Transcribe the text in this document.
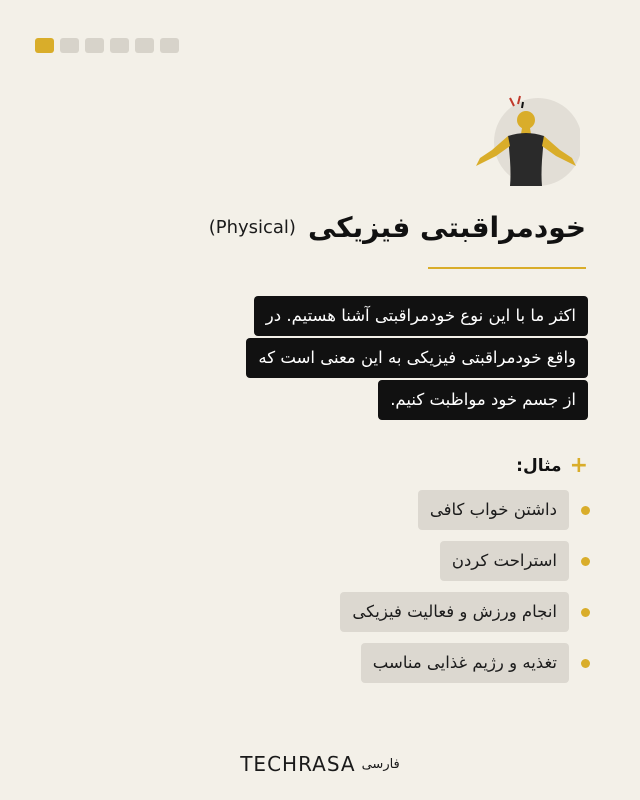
(Physical) خودمراقبتی فیزیکی
اکثر ما با این نوع خودمراقبتی آشنا هستیم. در
واقع خودمراقبتی فیزیکی به این معنی است که
از جسم خود مواظبت کنیم.
+
مثال:
داشتن خواب کافی
استراحت کردن
انجام ورزش و فعالیت فیزیکی
تغذیه و رژیم غذایی مناسب
TECHRASA فارسی
